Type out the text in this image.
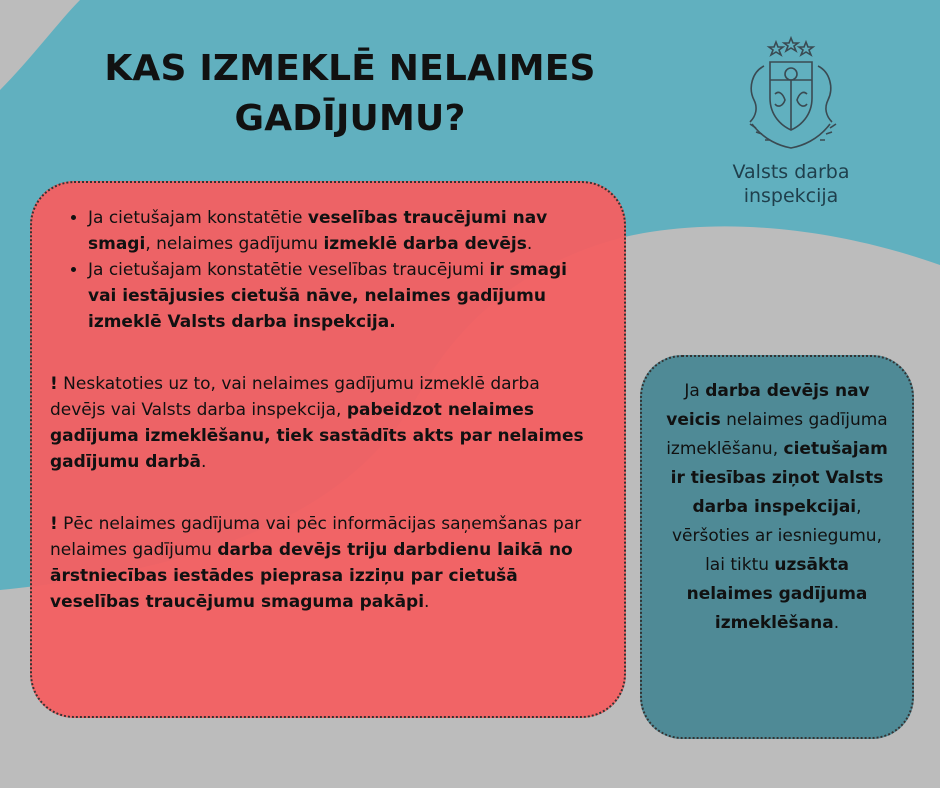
KAS IZMEKLĒ NELAIMES
GADĪJUMU?
Valsts darba
inspekcija
• Ja cietušajam konstatētie veselības traucējumi nav smagi, nelaimes gadījumu izmeklē darba devējs.
• Ja cietušajam konstatētie veselības traucējumi ir smagi vai iestājusies cietušā nāve, nelaimes gadījumu izmeklē Valsts darba inspekcija.

! Neskatoties uz to, vai nelaimes gadījumu izmeklē darba devējs vai Valsts darba inspekcija, pabeidzot nelaimes gadījuma izmeklēšanu, tiek sastādīts akts par nelaimes gadījumu darbā.

! Pēc nelaimes gadījuma vai pēc informācijas saņemšanas par nelaimes gadījumu darba devējs triju darbdienu laikā no ārstniecības iestādes pieprasa izziņu par cietušā veselības traucējumu smaguma pakāpi.

Ja darba devējs nav veicis nelaimes gadījuma izmeklēšanu, cietušajam ir tiesības ziņot Valsts darba inspekcijai, vēršoties ar iesniegumu, lai tiktu uzsākta nelaimes gadījuma izmeklēšana.
